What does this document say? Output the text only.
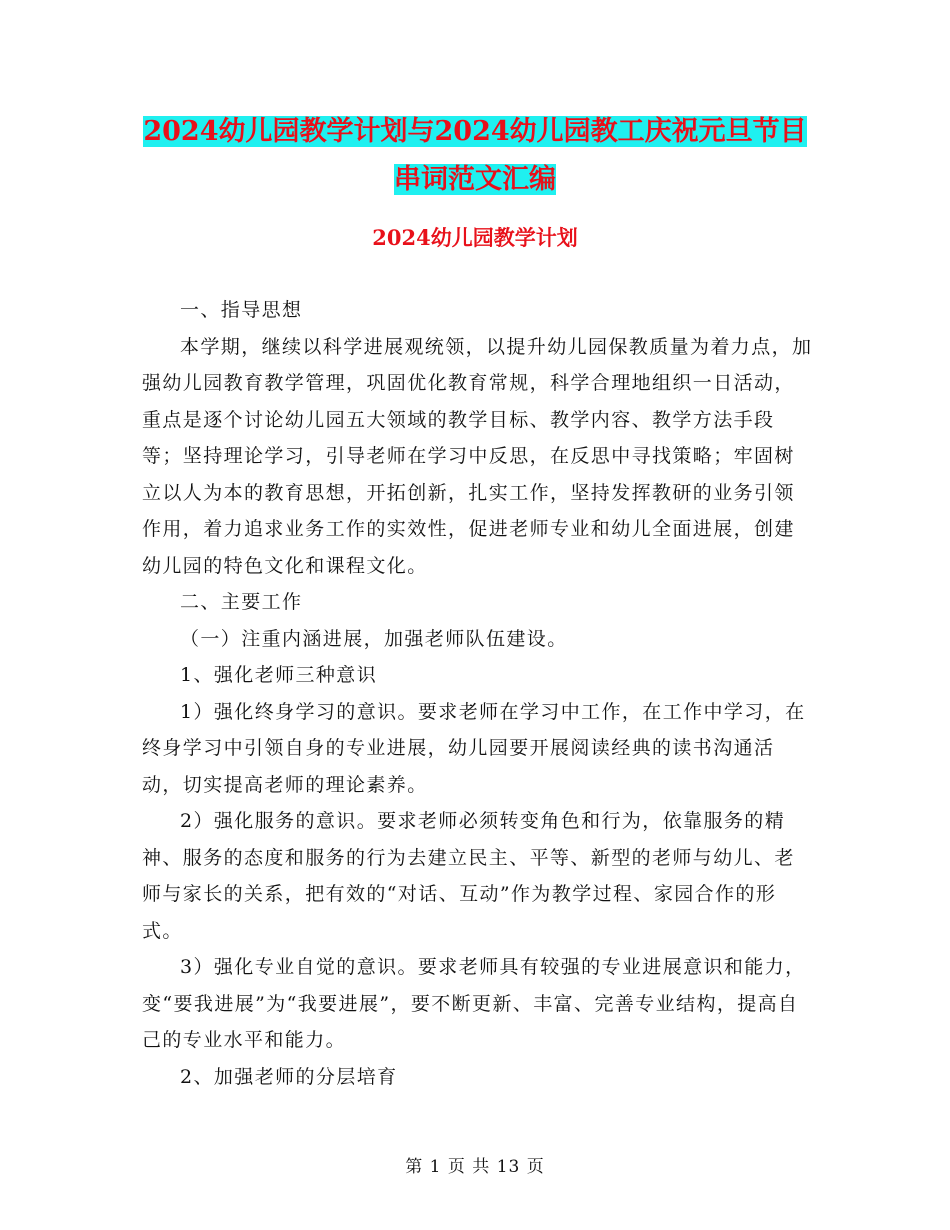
2024幼儿园教学计划与2024幼儿园教工庆祝元旦节目
串词范文汇编
2024幼儿园教学计划

一、指导思想

本学期，继续以科学进展观统领，以提升幼儿园保教质量为着力点，加强幼儿园教育教学管理，巩固优化教育常规，科学合理地组织一日活动，重点是逐个讨论幼儿园五大领域的教学目标、教学内容、教学方法手段等；坚持理论学习，引导老师在学习中反思，在反思中寻找策略；牢固树立以人为本的教育思想，开拓创新，扎实工作，坚持发挥教研的业务引领作用，着力追求业务工作的实效性，促进老师专业和幼儿全面进展，创建幼儿园的特色文化和课程文化。

二、主要工作

（一）注重内涵进展，加强老师队伍建设。

1、强化老师三种意识

1）强化终身学习的意识。要求老师在学习中工作，在工作中学习，在终身学习中引领自身的专业进展，幼儿园要开展阅读经典的读书沟通活动，切实提高老师的理论素养。

2）强化服务的意识。要求老师必须转变角色和行为，依靠服务的精神、服务的态度和服务的行为去建立民主、平等、新型的老师与幼儿、老师与家长的关系，把有效的“对话、互动”作为教学过程、家园合作的形式。

3）强化专业自觉的意识。要求老师具有较强的专业进展意识和能力，变“要我进展”为“我要进展”，要不断更新、丰富、完善专业结构，提高自己的专业水平和能力。

2、加强老师的分层培育

第 1 页 共 13 页
